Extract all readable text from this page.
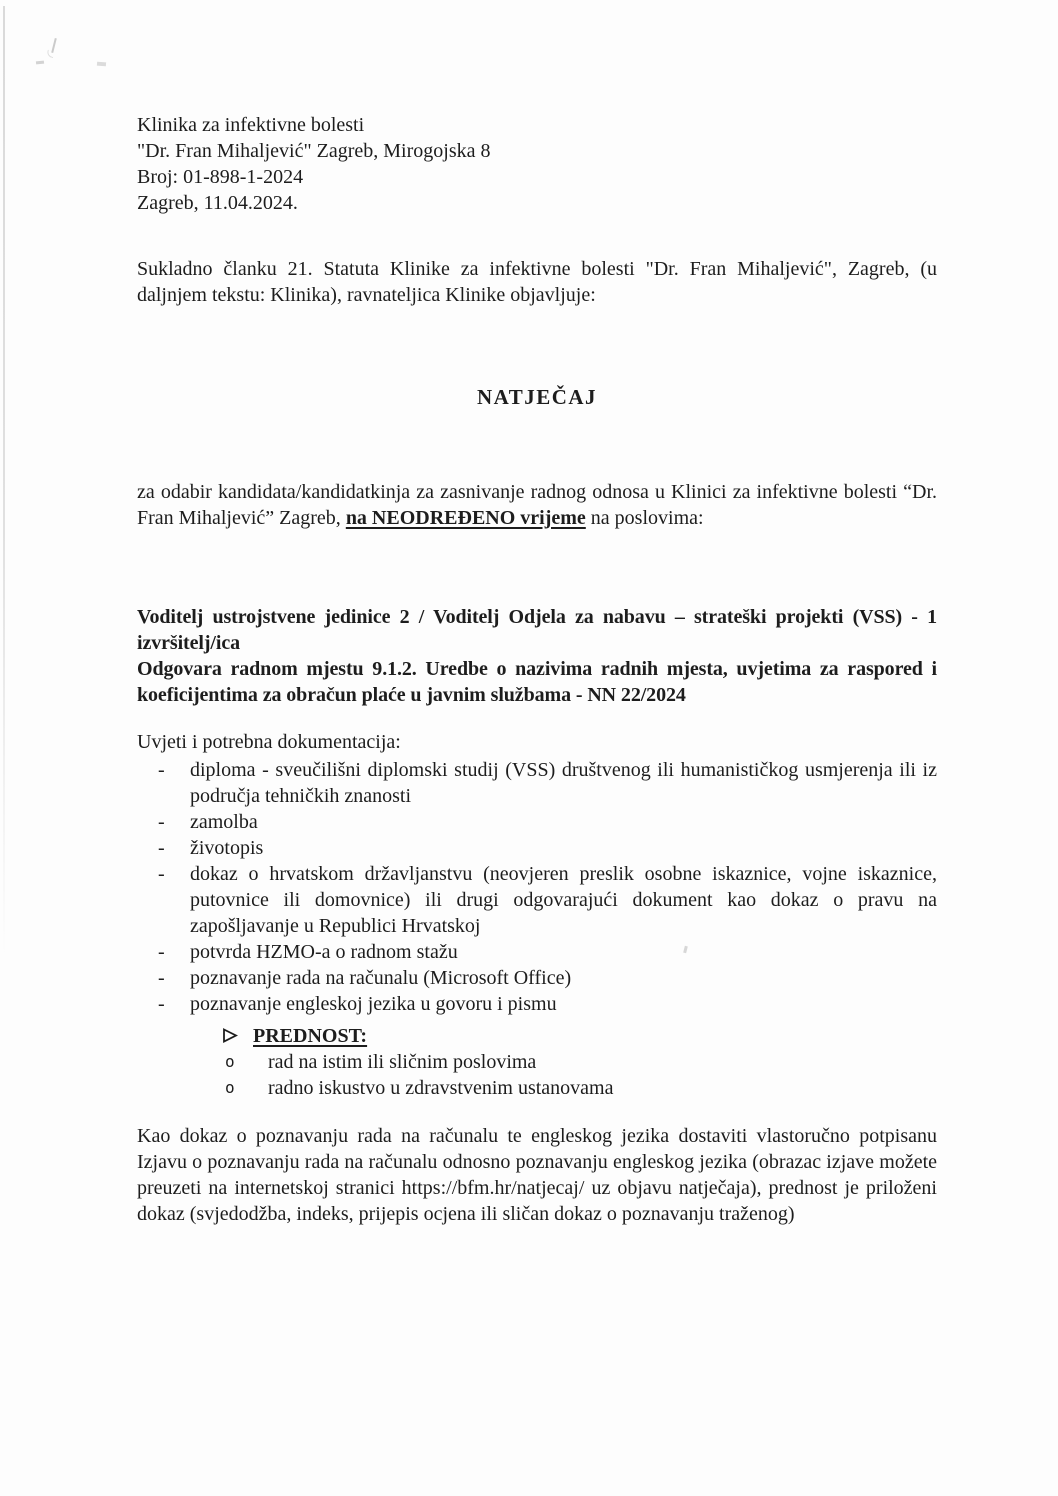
Klinika za infektivne bolesti
"Dr. Fran Mihaljević" Zagreb, Mirogojska 8
Broj: 01-898-1-2024
Zagreb, 11.04.2024.

Sukladno članku 21. Statuta Klinike za infektivne bolesti "Dr. Fran Mihaljević", Zagreb, (u daljnjem tekstu: Klinika), ravnateljica Klinike objavljuje:

NATJEČAJ

za odabir kandidata/kandidatkinja za zasnivanje radnog odnosa u Klinici za infektivne bolesti “Dr. Fran Mihaljević” Zagreb, na NEODREĐENO vrijeme na poslovima:

Voditelj ustrojstvene jedinice 2 / Voditelj Odjela za nabavu – strateški projekti (VSS) - 1 izvršitelj/ica

Odgovara radnom mjestu 9.1.2. Uredbe o nazivima radnih mjesta, uvjetima za raspored i koeficijentima za obračun plaće u javnim službama - NN 22/2024

Uvjeti i potrebna dokumentacija:

-	diploma - sveučilišni diplomski studij (VSS) društvenog ili humanističkog usmjerenja ili iz područja tehničkih znanosti
-	zamolba
-	životopis
-	dokaz o hrvatskom državljanstvu (neovjeren preslik osobne iskaznice, vojne iskaznice, putovnice ili domovnice) ili drugi odgovarajući dokument kao dokaz o pravu na zapošljavanje u Republici Hrvatskoj
-	potvrda HZMO-a o radnom stažu
-	poznavanje rada na računalu (Microsoft Office)
-	poznavanje engleskoj jezika u govoru i pismu
PREDNOST:
o	rad na istim ili sličnim poslovima
o	radno iskustvo u zdravstvenim ustanovama

Kao dokaz o poznavanju rada na računalu te engleskog jezika dostaviti vlastoručno potpisanu Izjavu o poznavanju rada na računalu odnosno poznavanju engleskog jezika (obrazac izjave možete preuzeti na internetskoj stranici https://bfm.hr/natjecaj/ uz objavu natječaja), prednost je priloženi dokaz (svjedodžba, indeks, prijepis ocjena ili sličan dokaz o poznavanju traženog)
